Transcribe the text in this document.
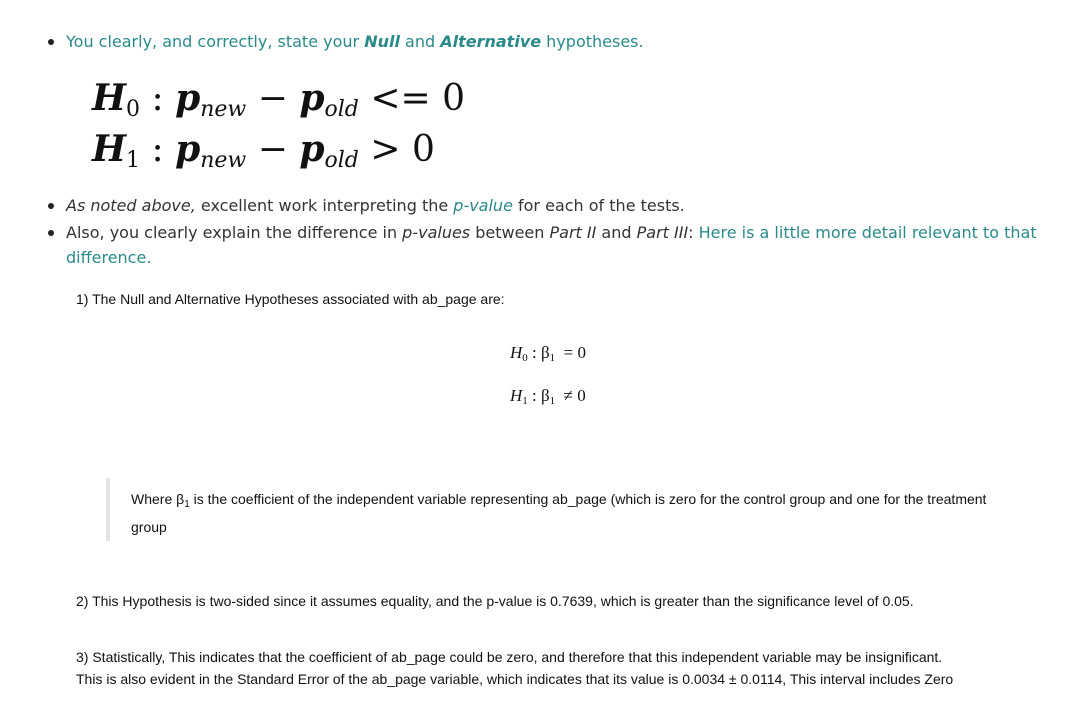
You clearly, and correctly, state your Null and Alternative hypotheses.
$H_0$ : $p_{new} - p_{old} <= 0$
$H_1$ : $p_{new} - p_{old} > 0$
As noted above, excellent work interpreting the p-value for each of the tests.
Also, you clearly explain the difference in p-values between Part II and Part III: Here is a little more detail relevant to that
difference.
1) The Null and Alternative Hypotheses associated with ab_page are:
$H_0$ : $\beta_1 = 0$
$H_1$ : $\beta_1 \ne 0$
Where $\beta_1$ is the coefficient of the independent variable representing ab_page (which is zero for the control group and one for the treatment group
2) This Hypothesis is two-sided since it assumes equality, and the p-value is 0.7639, which is greater than the significance level of 0.05.
3) Statistically, This indicates that the coefficient of ab_page could be zero, and therefore that this independent variable may be insignificant.
This is also evident in the Standard Error of the ab_page variable, which indicates that its value is 0.0034 ± 0.0114, This interval includes Zero
